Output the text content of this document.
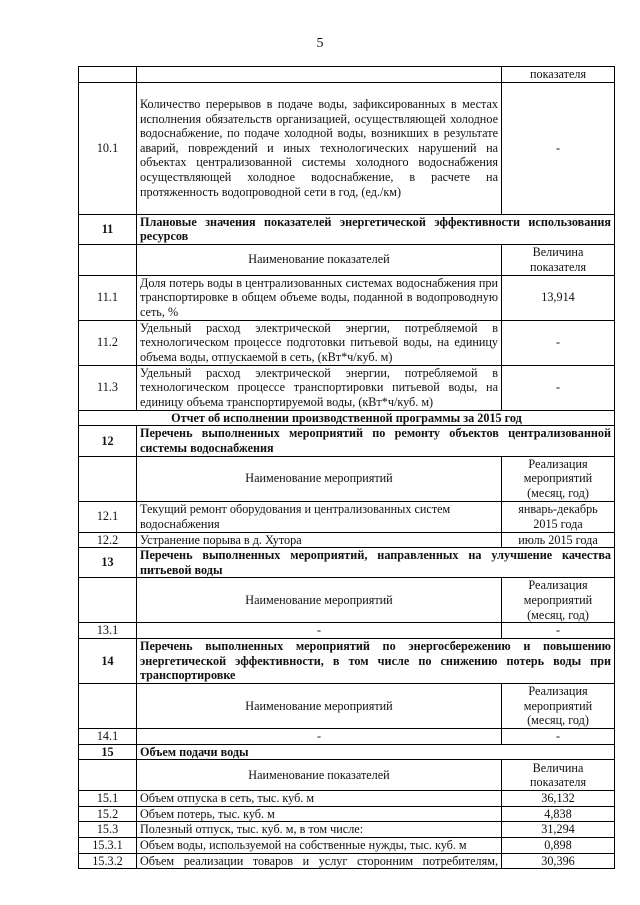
5
		показателя
10.1	Количество перерывов в подаче воды, зафиксированных в местах исполнения обязательств организацией, осуществляющей холодное водоснабжение, по подаче холодной воды, возникших в результате аварий, повреждений и иных технологических нарушений на объектах централизованной системы холодного водоснабжения осуществляющей холодное водоснабжение, в расчете на протяженность водопроводной сети в год, (ед./км)	-
11	Плановые значения показателей энергетической эффективности использования ресурсов	
	Наименование показателей	Величина показателя
11.1	Доля потерь воды в централизованных системах водоснабжения при транспортировке в общем объеме воды, поданной в водопроводную сеть, %	13,914
11.2	Удельный расход электрической энергии, потребляемой в технологическом процессе подготовки питьевой воды, на единицу объема воды, отпускаемой в сеть, (кВт*ч/куб. м)	-
11.3	Удельный расход электрической энергии, потребляемой в технологическом процессе транспортировки питьевой воды, на единицу объема транспортируемой воды, (кВт*ч/куб. м)	-
Отчет об исполнении производственной программы за 2015 год		
12	Перечень выполненных мероприятий по ремонту объектов централизованной системы водоснабжения	
	Наименование мероприятий	Реализация мероприятий (месяц, год)
12.1	Текущий ремонт оборудования и централизованных систем водоснабжения	январь-декабрь 2015 года
12.2	Устранение порыва в д. Хутора	июль 2015 года
13	Перечень выполненных мероприятий, направленных на улучшение качества питьевой воды	
	Наименование мероприятий	Реализация мероприятий (месяц, год)
13.1	-	-
14	Перечень выполненных мероприятий по энергосбережению и повышению энергетической эффективности, в том числе по снижению потерь воды при транспортировке	
	Наименование мероприятий	Реализация мероприятий (месяц, год)
14.1	-	-
15	Объем подачи воды	
	Наименование показателей	Величина показателя
15.1	Объем отпуска в сеть, тыс. куб. м	36,132
15.2	Объем потерь, тыс. куб. м	4,838
15.3	Полезный отпуск, тыс. куб. м, в том числе:	31,294
15.3.1	Объем воды, используемой на собственные нужды, тыс. куб. м	0,898
15.3.2	Объем реализации товаров и услуг сторонним потребителям,	30,396
